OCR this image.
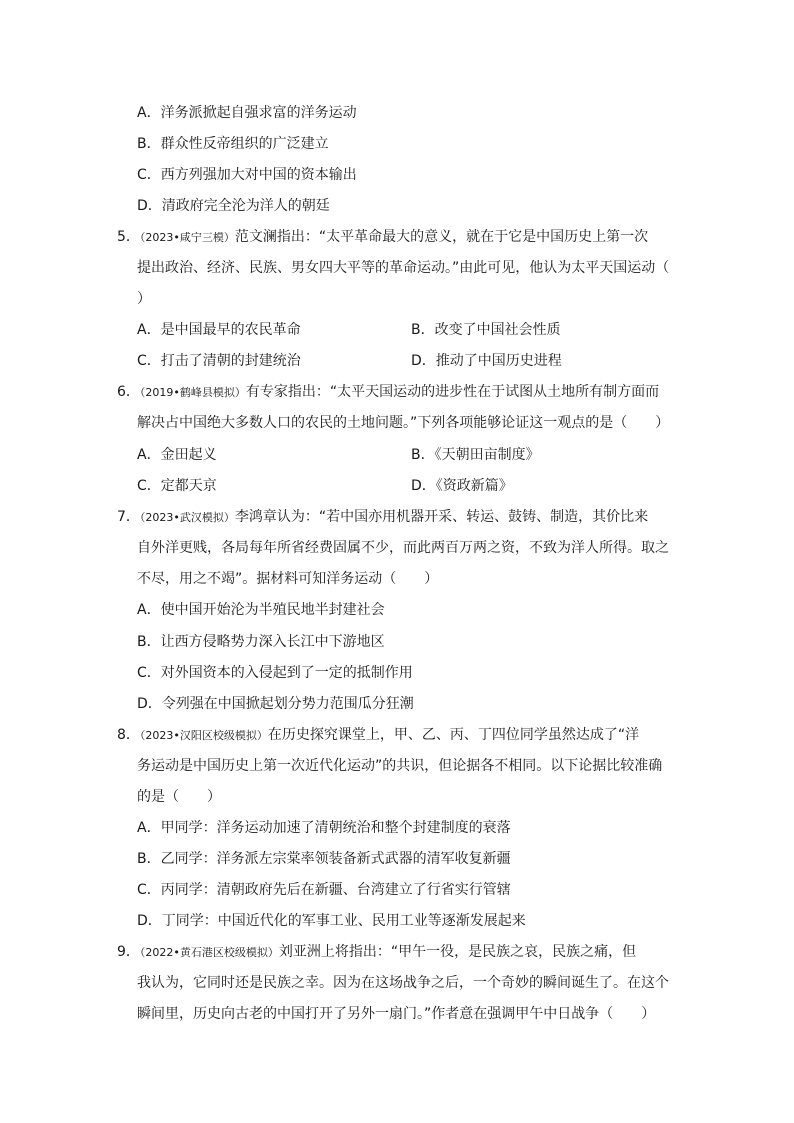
A．洋务派掀起自强求富的洋务运动
B．群众性反帝组织的广泛建立
C．西方列强加大对中国的资本输出
D．清政府完全沦为洋人的朝廷
5．（2023•咸宁三模）范文澜指出：“太平革命最大的意义，就在于它是中国历史上第一次
提出政治、经济、民族、男女四大平等的革命运动。”由此可见，他认为太平天国运动（
）
A．是中国最早的农民革命	B．改变了中国社会性质
C．打击了清朝的封建统治	D．推动了中国历史进程
6．（2019•鹤峰县模拟）有专家指出：“太平天国运动的进步性在于试图从土地所有制方面而
解决占中国绝大多数人口的农民的土地问题。”下列各项能够论证这一观点的是（　　）
A．金田起义	B．《天朝田亩制度》
C．定都天京	D．《资政新篇》
7．（2023•武汉模拟）李鸿章认为：“若中国亦用机器开采、转运、鼓铸、制造，其价比来
自外洋更贱，各局每年所省经费固属不少，而此两百万两之资，不致为洋人所得。取之
不尽，用之不竭”。据材料可知洋务运动（　　）
A．使中国开始沦为半殖民地半封建社会
B．让西方侵略势力深入长江中下游地区
C．对外国资本的入侵起到了一定的抵制作用
D．令列强在中国掀起划分势力范围瓜分狂潮
8．（2023•汉阳区校级模拟）在历史探究课堂上，甲、乙、丙、丁四位同学虽然达成了“洋
务运动是中国历史上第一次近代化运动”的共识，但论据各不相同。以下论据比较准确
的是（　　）
A．甲同学：洋务运动加速了清朝统治和整个封建制度的衰落
B．乙同学：洋务派左宗棠率领装备新式武器的清军收复新疆
C．丙同学：清朝政府先后在新疆、台湾建立了行省实行管辖
D．丁同学：中国近代化的军事工业、民用工业等逐渐发展起来
9．（2022•黄石港区校级模拟）刘亚洲上将指出：“甲午一役，是民族之哀，民族之痛，但
我认为，它同时还是民族之幸。因为在这场战争之后，一个奇妙的瞬间诞生了。在这个
瞬间里，历史向古老的中国打开了另外一扇门。”作者意在强调甲午中日战争（　　）
